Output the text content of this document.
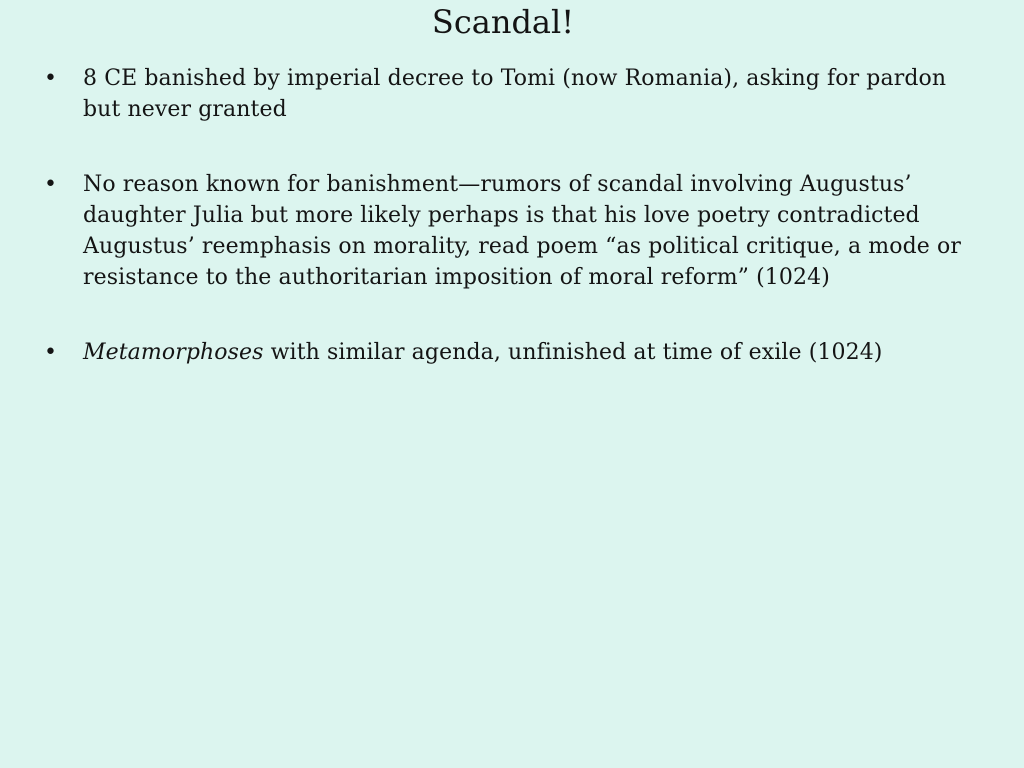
Scandal!
• 8 CE banished by imperial decree to Tomi (now Romania), asking for pardon but never granted
• No reason known for banishment—rumors of scandal involving Augustus’ daughter Julia but more likely perhaps is that his love poetry contradicted Augustus’ reemphasis on morality, read poem “as political critique, a mode or resistance to the authoritarian imposition of moral reform” (1024)
• Metamorphoses with similar agenda, unfinished at time of exile (1024)
